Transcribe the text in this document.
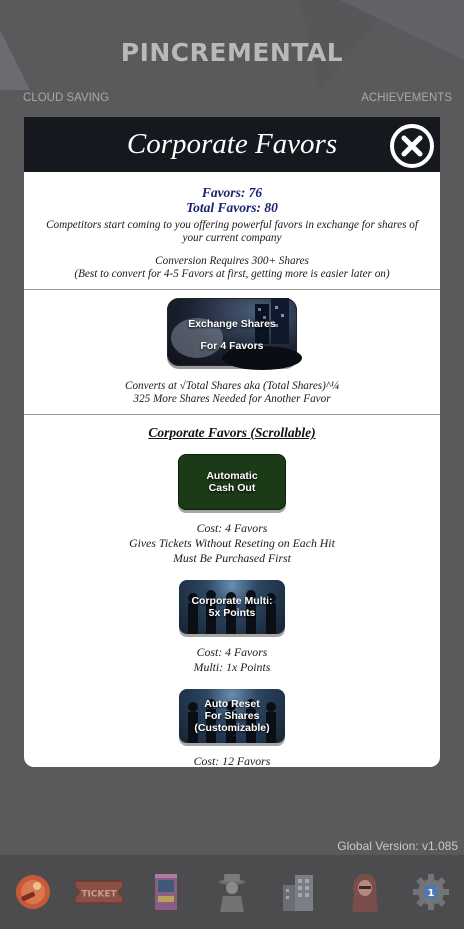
PINCREMENTAL
CLOUD SAVING	ACHIEVEMENTS
Corporate Favors
Favors: 76
Total Favors: 80
Competitors start coming to you offering powerful favors in exchange for shares of your current company
Conversion Requires 300+ Shares
(Best to convert for 4-5 Favors at first, getting more is easier later on)
Exchange Shares
For 4 Favors
Converts at √Total Shares aka (Total Shares)^¼
325 More Shares Needed for Another Favor
Corporate Favors (Scrollable)
Automatic
Cash Out
Cost: 4 Favors
Gives Tickets Without Reseting on Each Hit
Must Be Purchased First
Corporate Multi:
5x Points
Cost: 4 Favors
Multi: 1x Points
Auto Reset
For Shares
(Customizable)
Cost: 12 Favors
Global Version: v1.085
TICKET	1
